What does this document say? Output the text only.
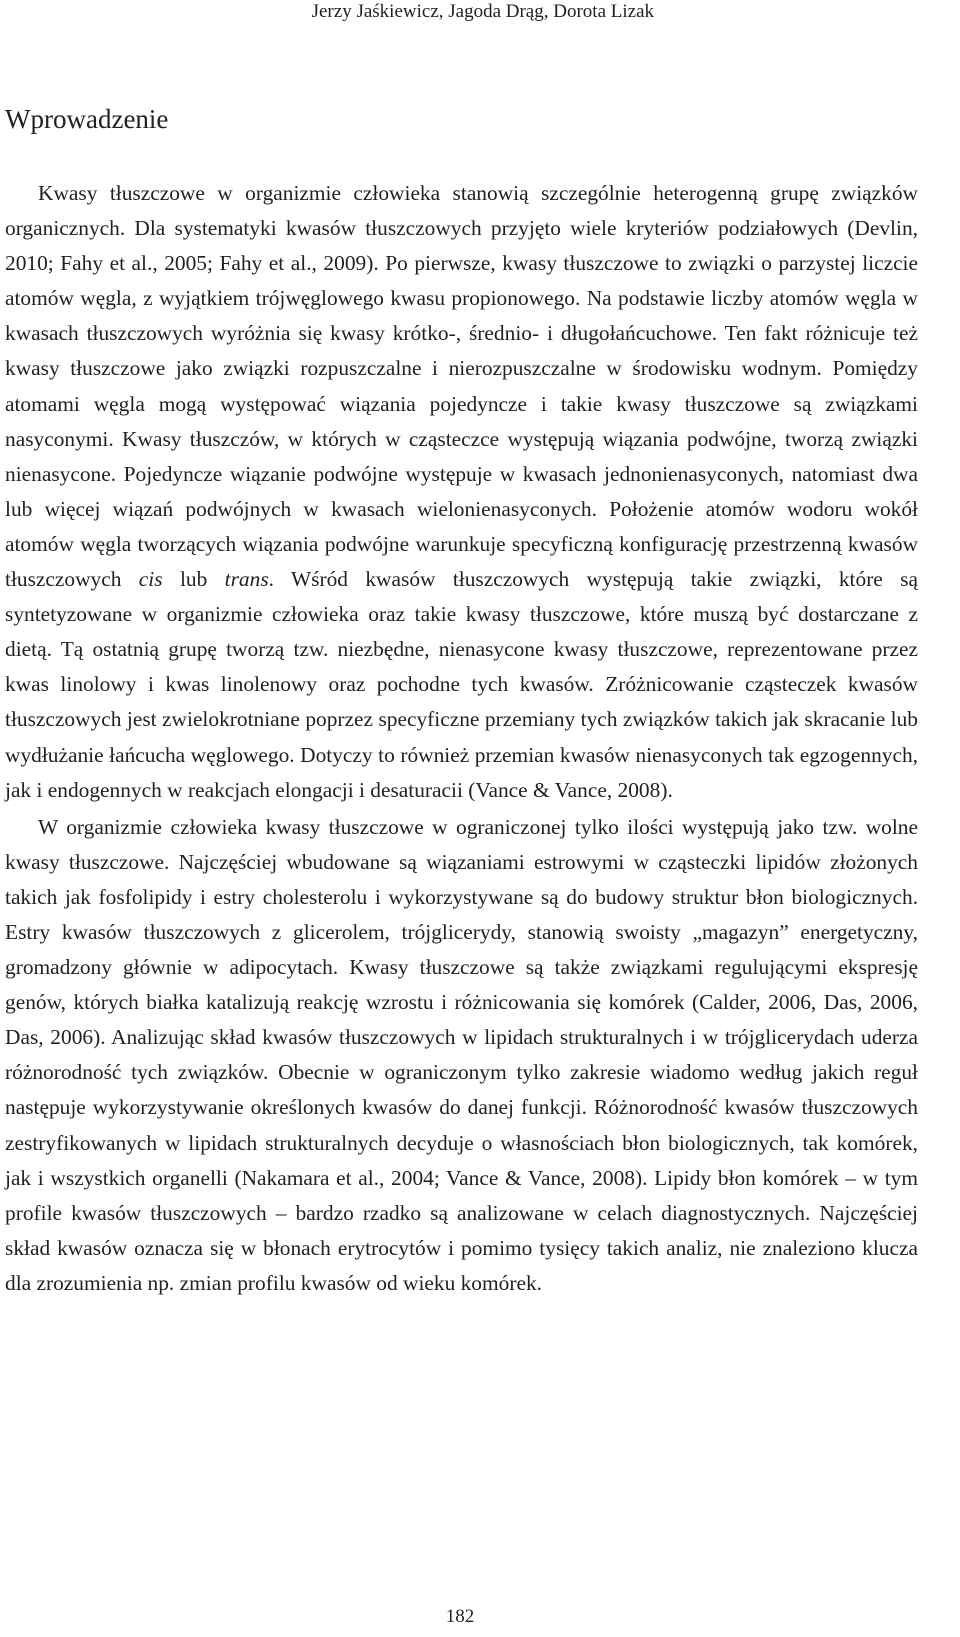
Jerzy Jaśkiewicz, Jagoda Drąg, Dorota Lizak
Wprowadzenie

Kwasy tłuszczowe w organizmie człowieka stanowią szczególnie heterogenną grupę związków organicznych. Dla systematyki kwasów tłuszczowych przyjęto wiele kryteriów podziałowych (Devlin, 2010; Fahy et al., 2005; Fahy et al., 2009). Po pierwsze, kwasy tłuszczowe to związki o parzystej liczcie atomów węgla, z wyjątkiem trójwęglowego kwasu propionowego. Na podstawie liczby atomów węgla w kwasach tłuszczowych wyróżnia się kwasy krótko-, średnio- i długołańcuchowe. Ten fakt różnicuje też kwasy tłuszczowe jako związki rozpuszczalne i nierozpuszczalne w środowisku wodnym. Pomiędzy atomami węgla mogą występować wiązania pojedyncze i takie kwasy tłuszczowe są związkami nasyconymi. Kwasy tłuszczów, w których w cząsteczce występują wiązania podwójne, tworzą związki nienasycone. Pojedyncze wiązanie podwójne występuje w kwasach jednonienasyconych, natomiast dwa lub więcej wiązań podwójnych w kwasach wielonienasyconych. Położenie atomów wodoru wokół atomów węgla tworzących wiązania podwójne warunkuje specyficzną konfigurację przestrzenną kwasów tłuszczowych cis lub trans. Wśród kwasów tłuszczowych występują takie związki, które są syntetyzowane w organizmie człowieka oraz takie kwasy tłuszczowe, które muszą być dostarczane z dietą. Tą ostatnią grupę tworzą tzw. niezbędne, nienasycone kwasy tłuszczowe, reprezentowane przez kwas linolowy i kwas linolenowy oraz pochodne tych kwasów. Zróżnicowanie cząsteczek kwasów tłuszczowych jest zwielokrotniane poprzez specyficzne przemiany tych związków takich jak skracanie lub wydłużanie łańcucha węglowego. Dotyczy to również przemian kwasów nienasyconych tak egzogennych, jak i endogennych w reakcjach elongacji i desaturacii (Vance & Vance, 2008).

W organizmie człowieka kwasy tłuszczowe w ograniczonej tylko ilości występują jako tzw. wolne kwasy tłuszczowe. Najczęściej wbudowane są wiązaniami estrowymi w cząsteczki lipidów złożonych takich jak fosfolipidy i estry cholesterolu i wykorzystywane są do budowy struktur błon biologicznych. Estry kwasów tłuszczowych z glicerolem, trójglicerydy, stanowią swoisty „magazyn” energetyczny, gromadzony głównie w adipocytach. Kwasy tłuszczowe są także związkami regulującymi ekspresję genów, których białka katalizują reakcję wzrostu i różnicowania się komórek (Calder, 2006, Das, 2006, Das, 2006). Analizując skład kwasów tłuszczowych w lipidach strukturalnych i w trójglicerydach uderza różnorodność tych związków. Obecnie w ograniczonym tylko zakresie wiadomo według jakich reguł następuje wykorzystywanie określonych kwasów do danej funkcji. Różnorodność kwasów tłuszczowych zestryfikowanych w lipidach strukturalnych decyduje o własnościach błon biologicznych, tak komórek, jak i wszystkich organelli (Nakamara et al., 2004; Vance & Vance, 2008). Lipidy błon komórek – w tym profile kwasów tłuszczowych – bardzo rzadko są analizowane w celach diagnostycznych. Najczęściej skład kwasów oznacza się w błonach erytrocytów i pomimo tysięcy takich analiz, nie znaleziono klucza dla zrozumienia np. zmian profilu kwasów od wieku komórek.

182
